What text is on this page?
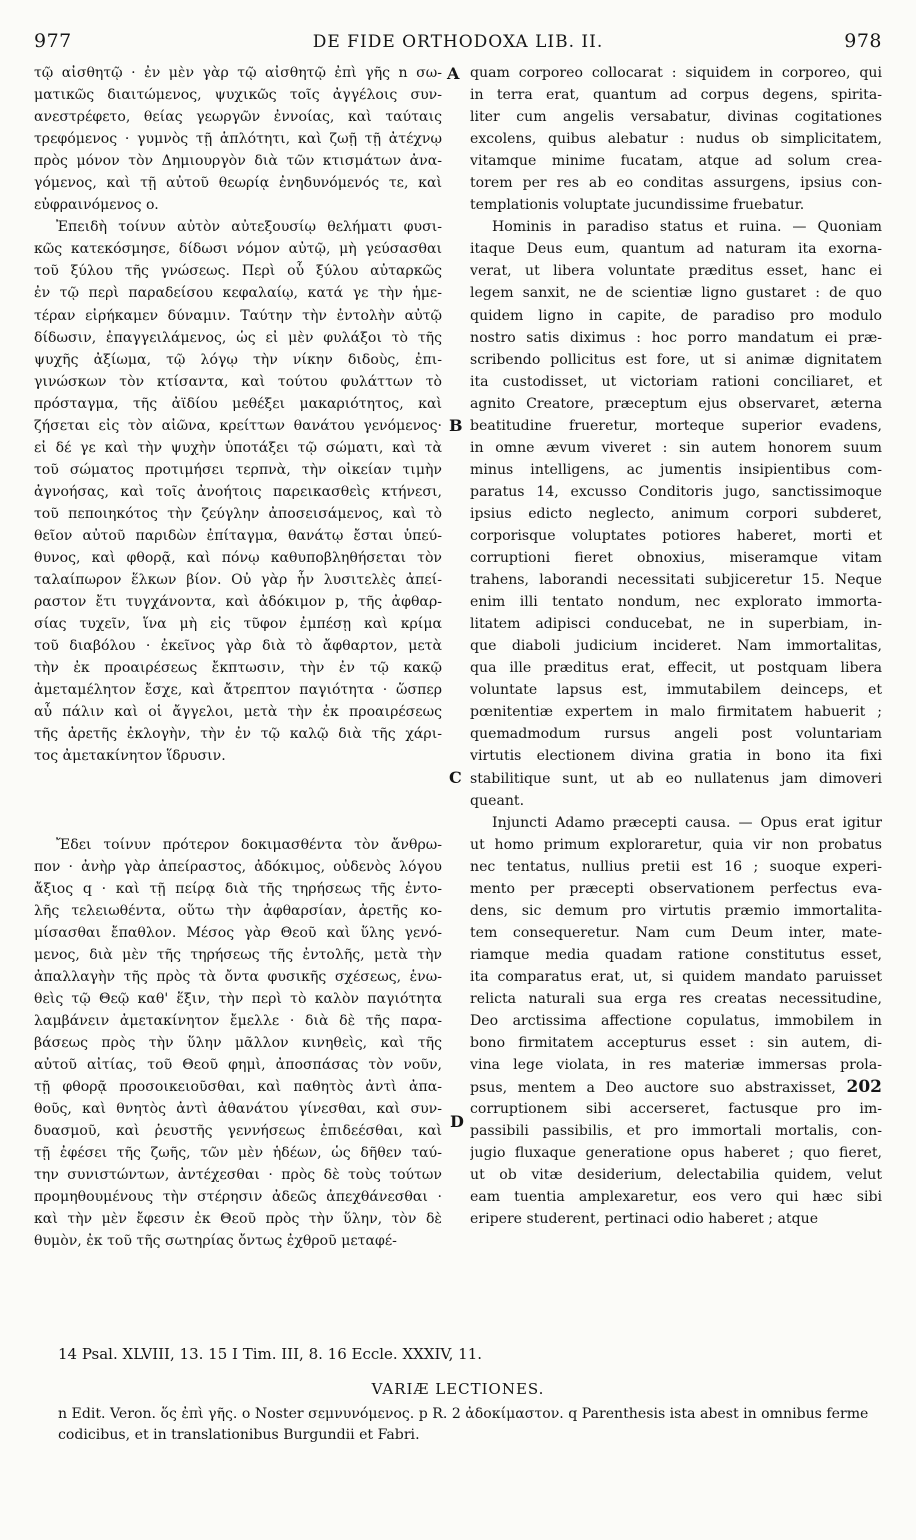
977	DE FIDE ORTHODOXA LIB. II.	978
τῷ αἰσθητῷ · ἐν μὲν γὰρ τῷ αἰσθητῷ ἐπὶ γῆς n σω-
ματικῶς διαιτώμενος, ψυχικῶς τοῖς ἀγγέλοις συν-
ανεστρέφετο, θείας γεωργῶν ἐννοίας, καὶ ταύταις
τρεφόμενος · γυμνὸς τῇ ἁπλότητι, καὶ ζωῇ τῇ ἀτέχνῳ
πρὸς μόνον τὸν Δημιουργὸν διὰ τῶν κτισμάτων ἀνα-
γόμενος, καὶ τῇ αὐτοῦ θεωρίᾳ ἐνηδυνόμενός τε, καὶ
εὐφραινόμενος o.
Ἐπειδὴ τοίνυν αὐτὸν αὐτεξουσίῳ θελήματι φυσι-
κῶς κατεκόσμησε, δίδωσι νόμον αὐτῷ, μὴ γεύσασθαι
τοῦ ξύλου τῆς γνώσεως. Περὶ οὗ ξύλου αὐταρκῶς
ἐν τῷ περὶ παραδείσου κεφαλαίῳ, κατά γε τὴν ἡμε-
τέραν εἰρήκαμεν δύναμιν. Ταύτην τὴν ἐντολὴν αὐτῷ
δίδωσιν, ἐπαγγειλάμενος, ὡς εἰ μὲν φυλάξοι τὸ τῆς
ψυχῆς ἀξίωμα, τῷ λόγῳ τὴν νίκην διδοὺς, ἐπι-
γινώσκων τὸν κτίσαντα, καὶ τούτου φυλάττων τὸ
πρόσταγμα, τῆς ἀϊδίου μεθέξει μακαριότητος, καὶ
ζήσεται εἰς τὸν αἰῶνα, κρείττων θανάτου γενόμενος·
εἰ δέ γε καὶ τὴν ψυχὴν ὑποτάξει τῷ σώματι, καὶ τὰ
τοῦ σώματος προτιμήσει τερπνὰ, τὴν οἰκείαν τιμὴν
ἀγνοήσας, καὶ τοῖς ἀνοήτοις παρεικασθεὶς κτήνεσι,
τοῦ πεποιηκότος τὴν ζεύγλην ἀποσεισάμενος, καὶ τὸ
θεῖον αὐτοῦ παριδὼν ἐπίταγμα, θανάτῳ ἔσται ὑπεύ-
θυνος, καὶ φθορᾷ, καὶ πόνῳ καθυποβληθήσεται τὸν
ταλαίπωρον ἕλκων βίον. Οὐ γὰρ ἦν λυσιτελὲς ἀπεί-
ραστον ἔτι τυγχάνοντα, καὶ ἀδόκιμον p, τῆς ἀφθαρ-
σίας τυχεῖν, ἵνα μὴ εἰς τῦφον ἐμπέσῃ καὶ κρίμα
τοῦ διαβόλου · ἐκεῖνος γὰρ διὰ τὸ ἄφθαρτον, μετὰ
τὴν ἐκ προαιρέσεως ἔκπτωσιν, τὴν ἐν τῷ κακῷ
ἀμεταμέλητον ἔσχε, καὶ ἄτρεπτον παγιότητα · ὥσπερ
αὖ πάλιν καὶ οἱ ἄγγελοι, μετὰ τὴν ἐκ προαιρέσεως
τῆς ἀρετῆς ἐκλογὴν, τὴν ἐν τῷ καλῷ διὰ τῆς χάρι-
τος ἀμετακίνητον ἵδρυσιν.
Ἔδει τοίνυν πρότερον δοκιμασθέντα τὸν ἄνθρω-
πον · ἀνὴρ γὰρ ἀπείραστος, ἀδόκιμος, οὐδενὸς λόγου
ἄξιος q · καὶ τῇ πείρᾳ διὰ τῆς τηρήσεως τῆς ἐντο-
λῆς τελειωθέντα, οὕτω τὴν ἀφθαρσίαν, ἀρετῆς κο-
μίσασθαι ἔπαθλον. Μέσος γὰρ Θεοῦ καὶ ὕλης γενό-
μενος, διὰ μὲν τῆς τηρήσεως τῆς ἐντολῆς, μετὰ τὴν
ἀπαλλαγὴν τῆς πρὸς τὰ ὄντα φυσικῆς σχέσεως, ἑνω-
θεὶς τῷ Θεῷ καθ' ἕξιν, τὴν περὶ τὸ καλὸν παγιότητα
λαμβάνειν ἀμετακίνητον ἔμελλε · διὰ δὲ τῆς παρα-
βάσεως πρὸς τὴν ὕλην μᾶλλον κινηθεὶς, καὶ τῆς
αὐτοῦ αἰτίας, τοῦ Θεοῦ φημὶ, ἀποσπάσας τὸν νοῦν,
τῇ φθορᾷ προσοικειοῦσθαι, καὶ παθητὸς ἀντὶ ἀπα-
θοῦς, καὶ θνητὸς ἀντὶ ἀθανάτου γίνεσθαι, καὶ συν-
δυασμοῦ, καὶ ῥευστῆς γεννήσεως ἐπιδεέσθαι, καὶ
τῇ ἐφέσει τῆς ζωῆς, τῶν μὲν ἡδέων, ὡς δῆθεν ταύ-
την συνιστώντων, ἀντέχεσθαι · πρὸς δὲ τοὺς τούτων
προμηθουμένους τὴν στέρησιν ἀδεῶς ἀπεχθάνεσθαι ·
καὶ τὴν μὲν ἔφεσιν ἐκ Θεοῦ πρὸς τὴν ὕλην, τὸν δὲ
θυμὸν, ἐκ τοῦ τῆς σωτηρίας ὄντως ἐχθροῦ μεταφέ-
quam corporeo collocarat : siquidem in corporeo, qui
in terra erat, quantum ad corpus degens, spirita-
liter cum angelis versabatur, divinas cogitationes
excolens, quibus alebatur : nudus ob simplicitatem,
vitamque minime fucatam, atque ad solum crea-
torem per res ab eo conditas assurgens, ipsius con-
templationis voluptate jucundissime fruebatur.
Hominis in paradiso status et ruina. — Quoniam
itaque Deus eum, quantum ad naturam ita exorna-
verat, ut libera voluntate præditus esset, hanc ei
legem sanxit, ne de scientiæ ligno gustaret : de quo
quidem ligno in capite, de paradiso pro modulo
nostro satis diximus : hoc porro mandatum ei præ-
scribendo pollicitus est fore, ut si animæ dignitatem
ita custodisset, ut victoriam rationi conciliaret, et
agnito Creatore, præceptum ejus observaret, æterna
beatitudine frueretur, morteque superior evadens,
in omne ævum viveret : sin autem honorem suum
minus intelligens, ac jumentis insipientibus com-
paratus 14, excusso Conditoris jugo, sanctissimoque
ipsius edicto neglecto, animum corpori subderet,
corporisque voluptates potiores haberet, morti et
corruptioni fieret obnoxius, miseramque vitam
trahens, laborandi necessitati subjiceretur 15. Neque
enim illi tentato nondum, nec explorato immorta-
litatem adipisci conducebat, ne in superbiam, in-
que diaboli judicium incideret. Nam immortalitas,
qua ille præditus erat, effecit, ut postquam libera
voluntate lapsus est, immutabilem deinceps, et
pœnitentiæ expertem in malo firmitatem habuerit ;
quemadmodum rursus angeli post voluntariam
virtutis electionem divina gratia in bono ita fixi
stabilitique sunt, ut ab eo nullatenus jam dimoveri
queant.
Injuncti Adamo præcepti causa. — Opus erat igitur
ut homo primum exploraretur, quia vir non probatus
nec tentatus, nullius pretii est 16 ; suoque experi-
mento per præcepti observationem perfectus eva-
dens, sic demum pro virtutis præmio immortalita-
tem consequeretur. Nam cum Deum inter, mate-
riamque media quadam ratione constitutus esset,
ita comparatus erat, ut, si quidem mandato paruisset
relicta naturali sua erga res creatas necessitudine,
Deo arctissima affectione copulatus, immobilem in
bono firmitatem accepturus esset : sin autem, di-
vina lege violata, in res materiæ immersas prola-
psus, mentem a Deo auctore suo abstraxisset, 202
corruptionem sibi accerseret, factusque pro im-
passibili passibilis, et pro immortali mortalis, con-
jugio fluxaque generatione opus haberet ; quo fieret,
ut ob vitæ desiderium, delectabilia quidem, velut
eam tuentia amplexaretur, eos vero qui hæc sibi
eripere studerent, pertinaci odio haberet ; atque
A
B
C
D
14 Psal. XLVIII, 13. 15 I Tim. III, 8. 16 Eccle. XXXIV, 11.
VARIÆ LECTIONES.
n Edit. Veron. ὅς ἐπὶ γῆς. o Noster σεμνυνόμενος. p R. 2 ἀδοκίμαστον. q Parenthesis ista abest in omnibus ferme codicibus, et in translationibus Burgundii et Fabri.
